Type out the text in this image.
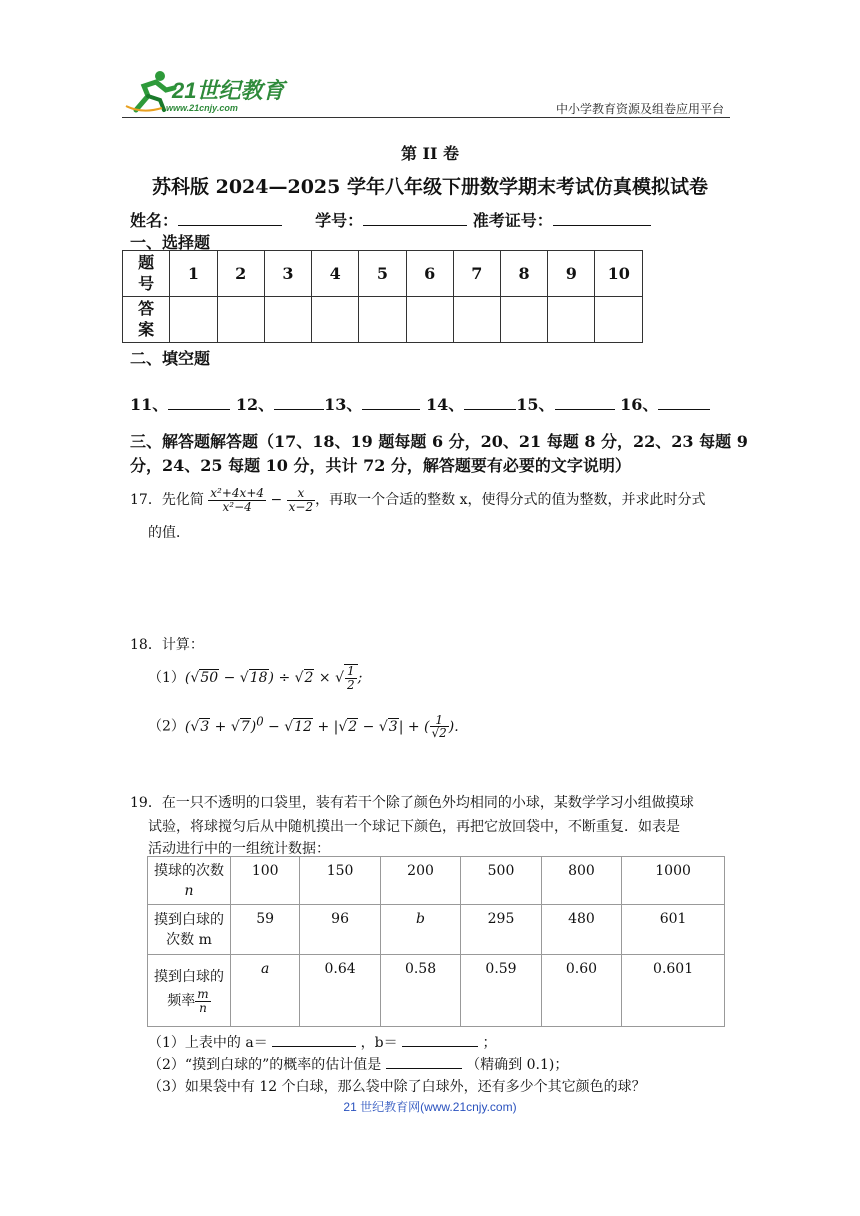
21世纪教育
www.21cnjy.com	中小学教育资源及组卷应用平台
第 II 卷
苏科版 2024—2025 学年八年级下册数学期末考试仿真模拟试卷
姓名：	学号：	准考证号：
一、选择题
题号	1	2	3	4	5	6	7	8	9	10
答案										
二、填空题
11、	12、	13、	14、	15、	16、
三、解答题解答题（17、18、19 题每题 6 分，20、21 每题 8 分，22、23 每题 9
分，24、25 每题 10 分，共计 72 分，解答题要有必要的文字说明）
17．先化简 $\frac{\text{x²+4x+4}}{\text{x²−4}} - \frac{x}{x-2}$ ，再取一个合适的整数 x，使得分式的值为整数，并求此时分式
的值．
18．计算：
（1）(√50 − √18) ÷ √2 × √ $\frac{1}{2}$ ;
$(2)(√3 + √7)^0 - √12 + |√2 - √3|$ + ( $\frac{1}{√2}$ ).
19．在一只不透明的口袋里，装有若干个除了颜色外均相同的小球，某数学学习小组做摸球
试验，将球搅匀后从中随机摸出一个球记下颜色，再把它放回袋中，不断重复．如表是
活动进行中的一组统计数据：
摸球的次数
n	100	150	200	500	800	1000
摸到白球的
次数 m	59	96	b	295	480	601
摸到白球的
频率 $\frac{m}{n}$	a	0.64	0.58	0.59	0.60	0.601
（1）上表中的 a＝	，b＝	；
（2）“摸到白球的”的概率的估计值是	（精确到 0.1)；
（3）如果袋中有 12 个白球，那么袋中除了白球外，还有多少个其它颜色的球？
21 世纪教育网(www.21cnjy.com)
